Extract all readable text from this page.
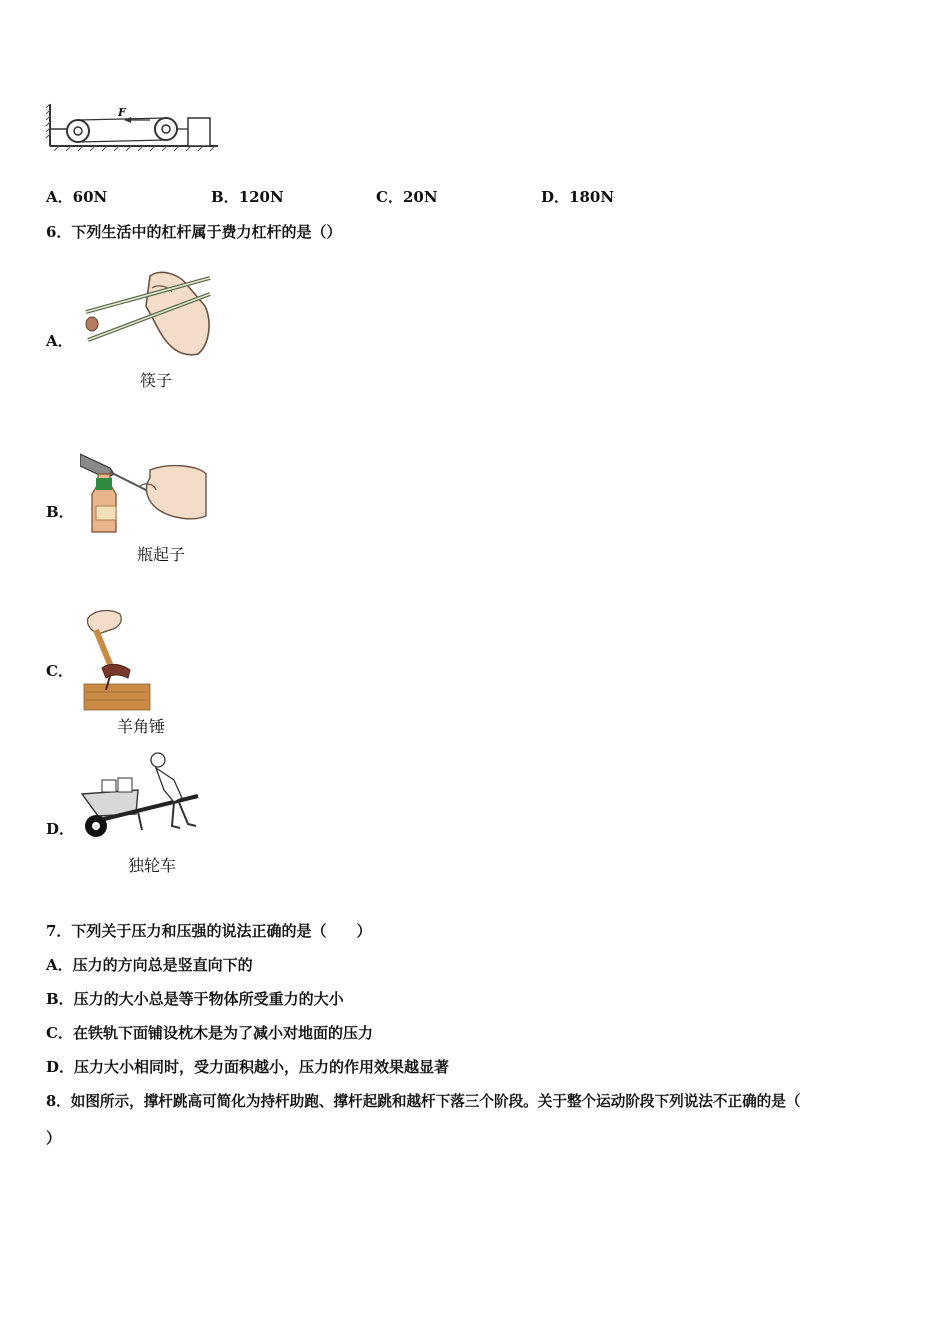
F
A．60N	B．120N	C．20N	D．180N
6．下列生活中的杠杆属于费力杠杆的是（）
A．
筷子
B．
瓶起子
C．
羊角锤
D．
独轮车
7．下列关于压力和压强的说法正确的是（　　）
A．压力的方向总是竖直向下的
B．压力的大小总是等于物体所受重力的大小
C．在铁轨下面铺设枕木是为了减小对地面的压力
D．压力大小相同时，受力面积越小，压力的作用效果越显著
8．如图所示，撑杆跳高可简化为持杆助跑、撑杆起跳和越杆下落三个阶段。关于整个运动阶段下列说法不正确的是（
）
